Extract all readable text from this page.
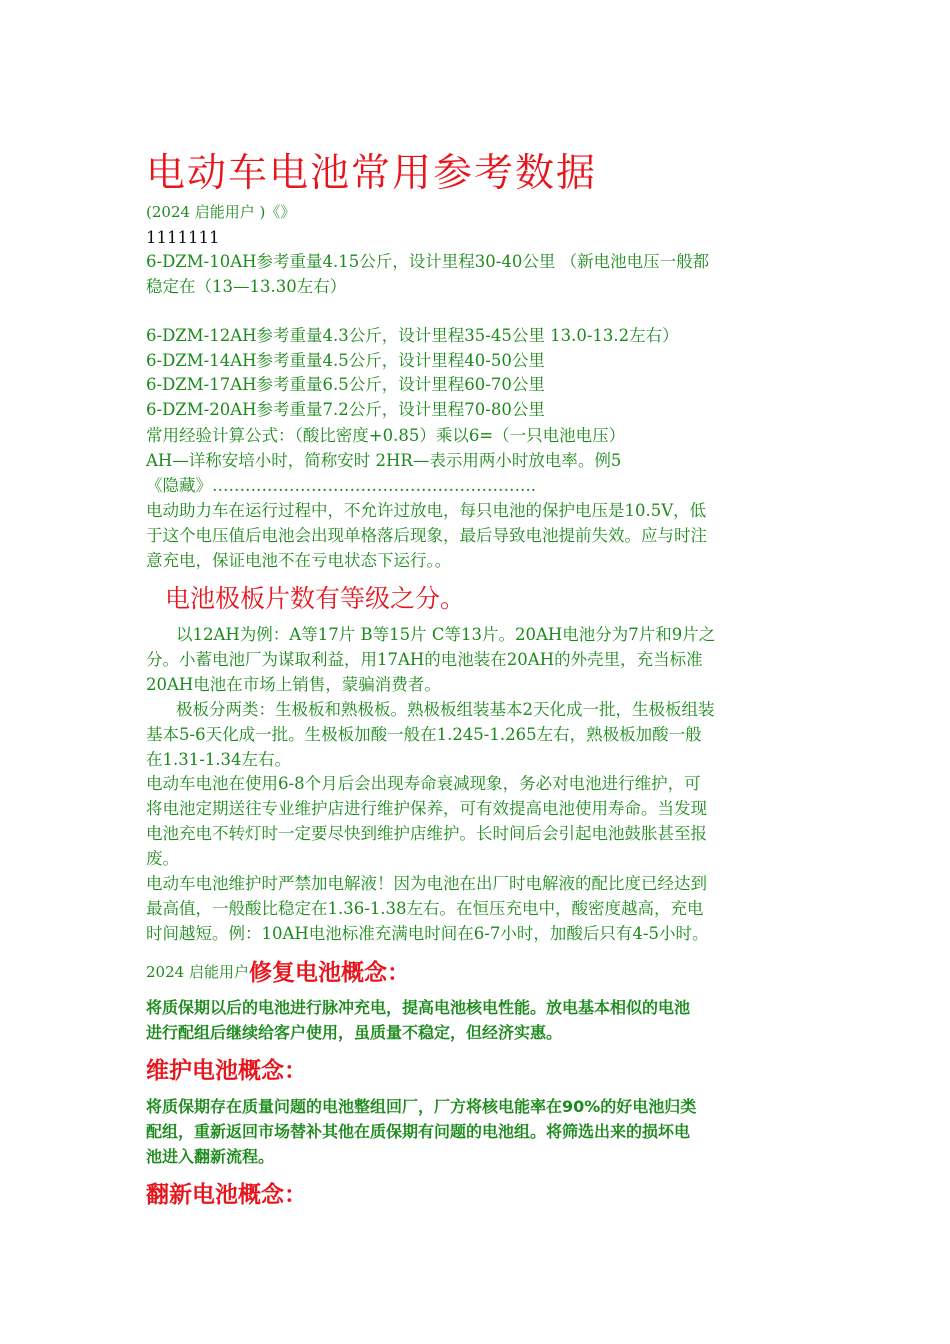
电动车电池常用参考数据
(2024 启能用户 )《》
1111111
6-DZM-10AH参考重量4.15公斤，设计里程30-40公里 （新电池电压一般都
稳定在（13—13.30左右）
6-DZM-12AH参考重量4.3公斤，设计里程35-45公里 13.0-13.2左右）
6-DZM-14AH参考重量4.5公斤，设计里程40-50公里
6-DZM-17AH参考重量6.5公斤，设计里程60-70公里
6-DZM-20AH参考重量7.2公斤，设计里程70-80公里
常用经验计算公式：（酸比密度+0.85）乘以6=（一只电池电压）
AH—详称安培小时，简称安时 2HR—表示用两小时放电率。例5
《隐藏》…………………………………………………..
电动助力车在运行过程中，不允许过放电，每只电池的保护电压是10.5V，低
于这个电压值后电池会出现单格落后现象，最后导致电池提前失效。应与时注
意充电，保证电池不在亏电状态下运行。。
电池极板片数有等级之分。
以12AH为例：A等17片 B等15片 C等13片。20AH电池分为7片和9片之
分。小蓄电池厂为谋取利益，用17AH的电池装在20AH的外壳里，充当标准
20AH电池在市场上销售，蒙骗消费者。
极板分两类：生极板和熟极板。熟极板组装基本2天化成一批，生极板组装
基本5-6天化成一批。生极板加酸一般在1.245-1.265左右，熟极板加酸一般
在1.31-1.34左右。
电动车电池在使用6-8个月后会出现寿命衰减现象，务必对电池进行维护，可
将电池定期送往专业维护店进行维护保养，可有效提高电池使用寿命。当发现
电池充电不转灯时一定要尽快到维护店维护。长时间后会引起电池鼓胀甚至报
废。
电动车电池维护时严禁加电解液！因为电池在出厂时电解液的配比度已经达到
最高值，一般酸比稳定在1.36-1.38左右。在恒压充电中，酸密度越高，充电
时间越短。例：10AH电池标准充满电时间在6-7小时，加酸后只有4-5小时。
2024 启能用户修复电池概念：
将质保期以后的电池进行脉冲充电，提高电池核电性能。放电基本相似的电池
进行配组后继续给客户使用，虽质量不稳定，但经济实惠。
维护电池概念：
将质保期存在质量问题的电池整组回厂，厂方将核电能率在90%的好电池归类
配组，重新返回市场替补其他在质保期有问题的电池组。将筛选出来的损坏电
池进入翻新流程。
翻新电池概念：
